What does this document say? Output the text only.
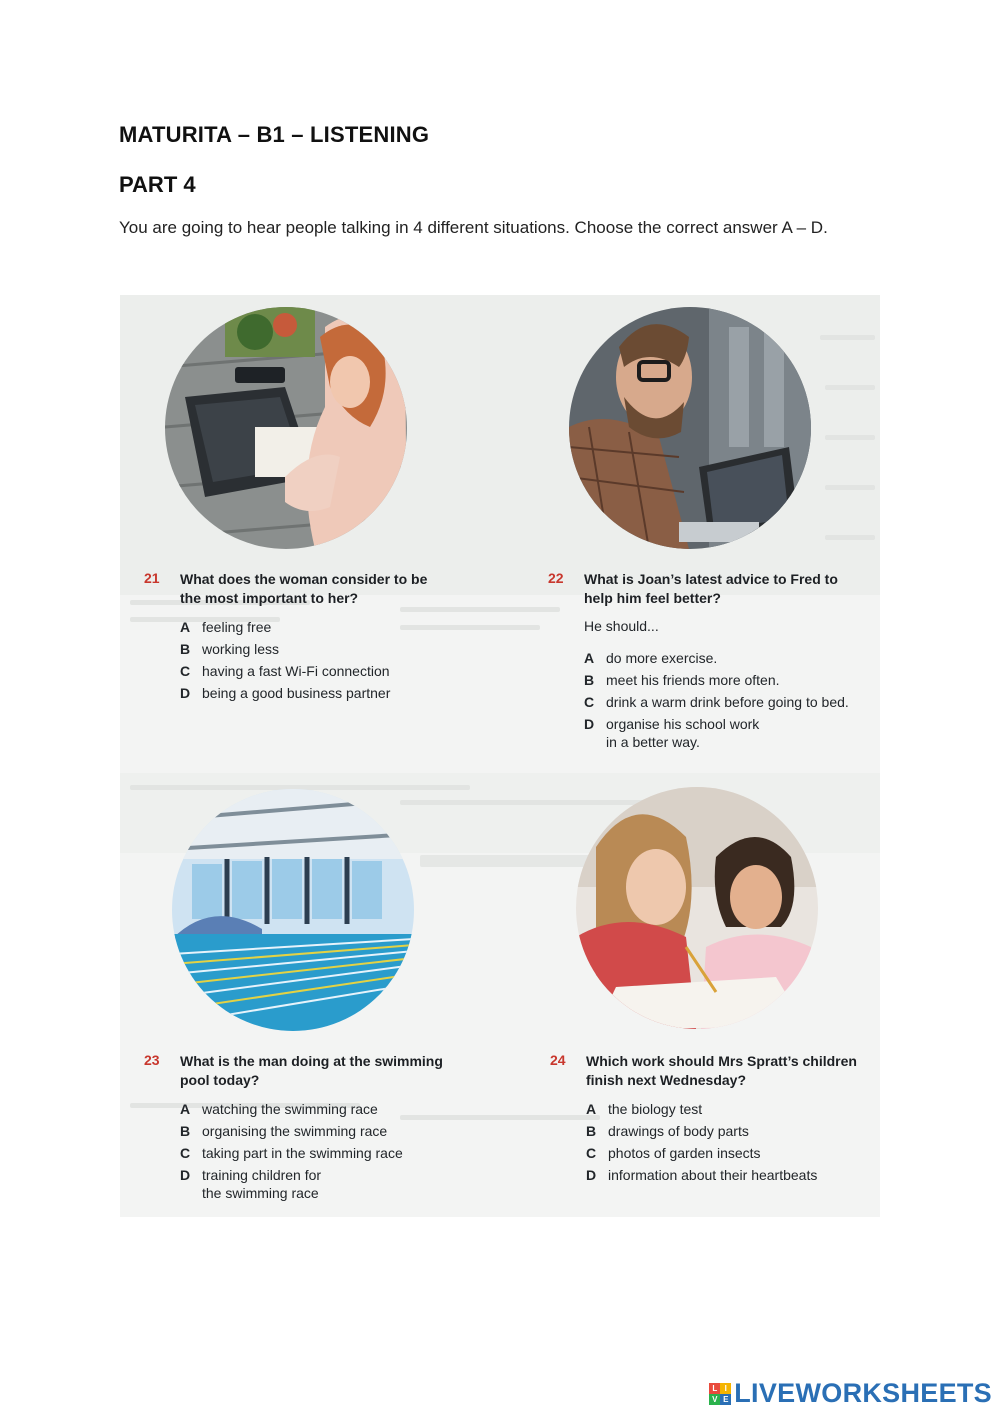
MATURITA – B1 – LISTENING
PART 4
You are going to hear people talking in 4 different situations. Choose the correct answer A – D.
21 What does the woman consider to be
the most important to her?
A feeling free
B working less
C having a fast Wi-Fi connection
D being a good business partner
22 What is Joan’s latest advice to Fred to
help him feel better?
He should...
A do more exercise.
B meet his friends more often.
C drink a warm drink before going to bed.
D organise his school work
in a better way.
23 What is the man doing at the swimming
pool today?
A watching the swimming race
B organising the swimming race
C taking part in the swimming race
D training children for
the swimming race
24 Which work should Mrs Spratt’s children
finish next Wednesday?
A the biology test
B drawings of body parts
C photos of garden insects
D information about their heartbeats
L I
V E LIVEWORKSHEETS
